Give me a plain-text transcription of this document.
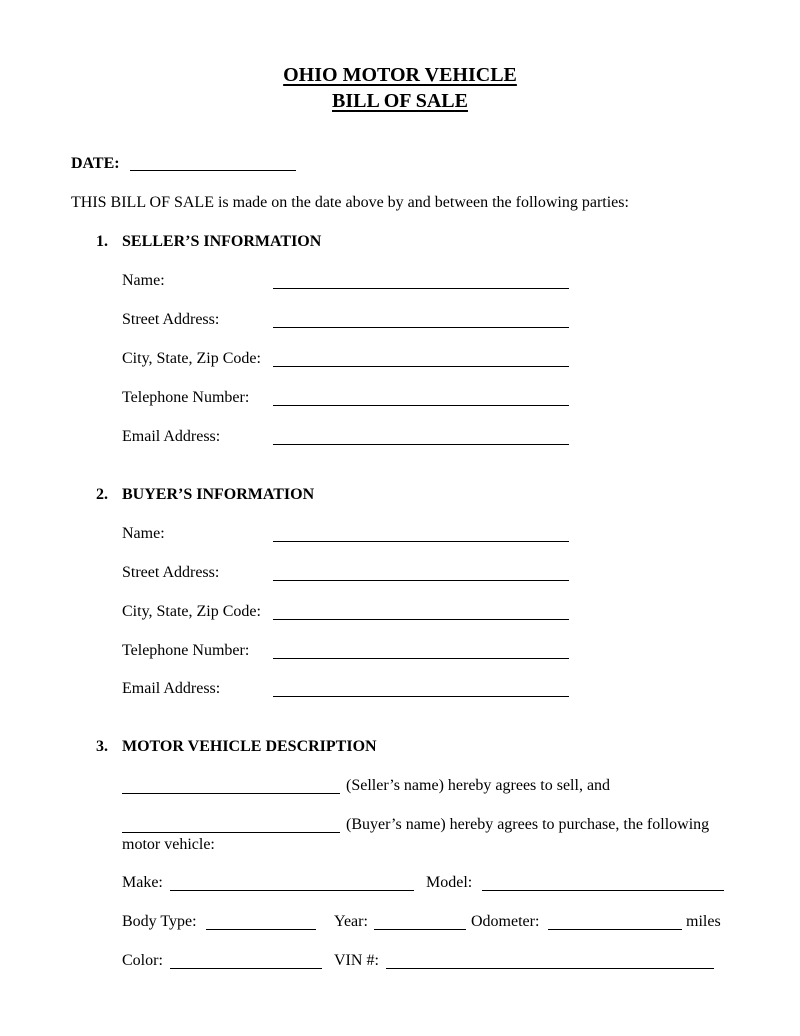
OHIO MOTOR VEHICLE
BILL OF SALE
DATE:
THIS BILL OF SALE is made on the date above by and between the following parties:
1. SELLER’S INFORMATION
Name:
Street Address:
City, State, Zip Code:
Telephone Number:
Email Address:
2. BUYER’S INFORMATION
Name:
Street Address:
City, State, Zip Code:
Telephone Number:
Email Address:
3. MOTOR VEHICLE DESCRIPTION
(Seller’s name) hereby agrees to sell, and
(Buyer’s name) hereby agrees to purchase, the following
motor vehicle:
Make:	Model:
Body Type:	Year:	Odometer:	miles
Color:	VIN #:
